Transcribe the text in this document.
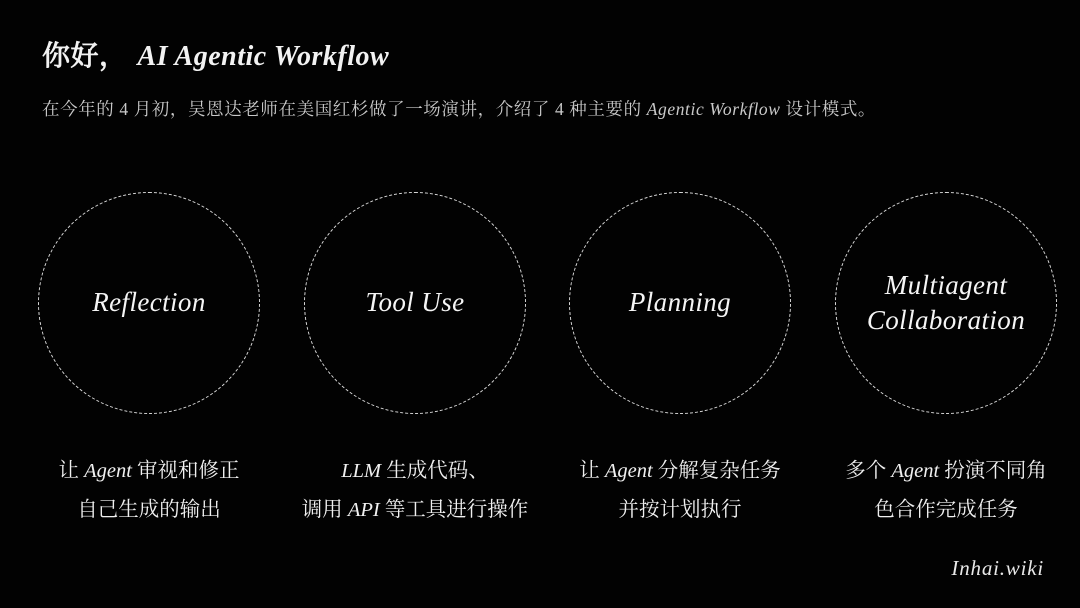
你好， AI Agentic Workflow

在今年的 4 月初，吴恩达老师在美国红杉做了一场演讲，介绍了 4 种主要的 Agentic Workflow 设计模式。

Reflection
让 Agent 审视和修正
自己生成的输出
Tool Use
LLM 生成代码、
调用 API 等工具进行操作
Planning
让 Agent 分解复杂任务
并按计划执行
Multiagent Collaboration
多个 Agent 扮演不同角
色合作完成任务
Inhai.wiki
